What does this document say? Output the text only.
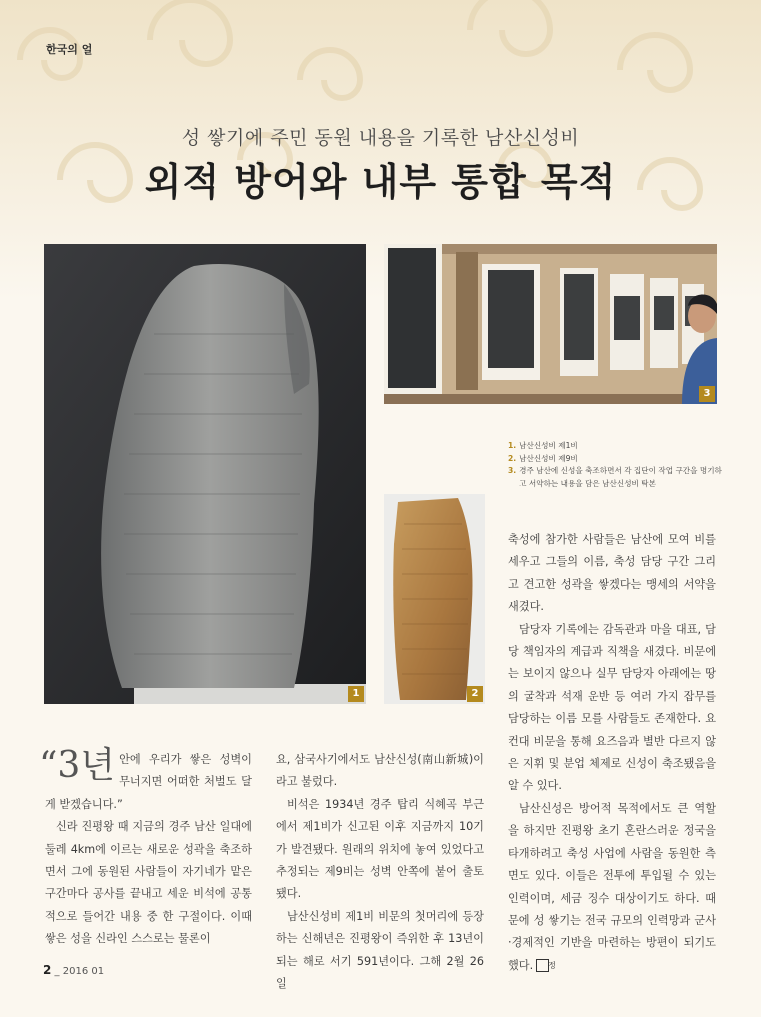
한국의 얼
성 쌓기에 주민 동원 내용을 기록한 남산신성비
외적 방어와 내부 통합 목적
1
3
2
1. 남산신성비 제1비
2. 남산신성비 제9비
3. 경주 남산에 신성을 축조하면서 각 집단이 작업 구간을 명기하고 서약하는 내용을 담은 남산신성비 탁본

“3년 안에 우리가 쌓은 성벽이 무너지면 어떠한 처벌도 달게 받겠습니다.”

신라 진평왕 때 지금의 경주 남산 일대에 둘레 4km에 이르는 새로운 성곽을 축조하면서 그에 동원된 사람들이 자기네가 맡은 구간마다 공사를 끝내고 세운 비석에 공통적으로 들어간 내용 중 한 구절이다. 이때 쌓은 성을 신라인 스스로는 물론이

요, 삼국사기에서도 남산신성(南山新城)이라고 불렀다.

비석은 1934년 경주 탑리 식혜곡 부근에서 제1비가 신고된 이후 지금까지 10기가 발견됐다. 원래의 위치에 놓여 있었다고 추정되는 제9비는 성벽 안쪽에 붙어 출토됐다.

남산신성비 제1비 비문의 첫머리에 등장하는 신해년은 진평왕이 즉위한 후 13년이 되는 해로 서기 591년이다. 그해 2월 26일

축성에 참가한 사람들은 남산에 모여 비를 세우고 그들의 이름, 축성 담당 구간 그리고 견고한 성곽을 쌓겠다는 맹세의 서약을 새겼다.

담당자 기록에는 감독관과 마을 대표, 담당 책임자의 계급과 직책을 새겼다. 비문에는 보이지 않으나 실무 담당자 아래에는 땅의 굴착과 석재 운반 등 여러 가지 잡무를 담당하는 이름 모를 사람들도 존재한다. 요컨대 비문을 통해 요즈음과 별반 다르지 않은 지휘 및 분업 체제로 신성이 축조됐음을 알 수 있다.

남산신성은 방어적 목적에서도 큰 역할을 하지만 진평왕 초기 혼란스러운 정국을 타개하려고 축성 사업에 사람을 동원한 측면도 있다. 이들은 전투에 투입될 수 있는 인력이며, 세금 징수 대상이기도 하다. 때문에 성 쌓기는 전국 규모의 인력망과 군사·경제적인 기반을 마련하는 방편이 되기도 했다. 정

2 _ 2016 01
